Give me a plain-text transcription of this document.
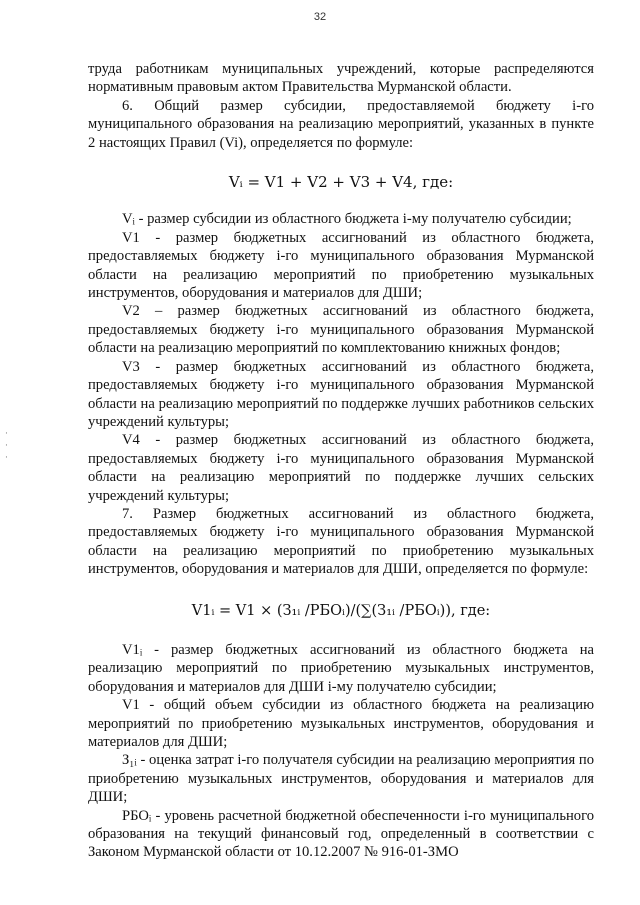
32
· · ·

труда работникам муниципальных учреждений, которые распределяются нормативным правовым актом Правительства Мурманской области.

6. Общий размер субсидии, предоставляемой бюджету i-го муниципального образования на реализацию мероприятий, указанных в пункте 2 настоящих Правил (Vi), определяется по формуле:

Vᵢ = V1 + V2 + V3 + V4, где:

Vᵢ - размер субсидии из областного бюджета i-му получателю субсидии;

V1 - размер бюджетных ассигнований из областного бюджета, предоставляемых бюджету i-го муниципального образования Мурманской области на реализацию мероприятий по приобретению музыкальных инструментов, оборудования и материалов для ДШИ;

V2 – размер бюджетных ассигнований из областного бюджета, предоставляемых бюджету i-го муниципального образования Мурманской области на реализацию мероприятий по комплектованию книжных фондов;

V3 - размер бюджетных ассигнований из областного бюджета, предоставляемых бюджету i-го муниципального образования Мурманской области на реализацию мероприятий по поддержке лучших работников сельских учреждений культуры;

V4 - размер бюджетных ассигнований из областного бюджета, предоставляемых бюджету i-го муниципального образования Мурманской области на реализацию мероприятий по поддержке лучших сельских учреждений культуры;

7. Размер бюджетных ассигнований из областного бюджета, предоставляемых бюджету i-го муниципального образования Мурманской области на реализацию мероприятий по приобретению музыкальных инструментов, оборудования и материалов для ДШИ, определяется по формуле:

V1ᵢ = V1 × (З₁ᵢ /РБОᵢ)/(∑(З₁ᵢ /РБОᵢ)), где:

V1ᵢ - размер бюджетных ассигнований из областного бюджета на реализацию мероприятий по приобретению музыкальных инструментов, оборудования и материалов для ДШИ i-му получателю субсидии;

V1 - общий объем субсидии из областного бюджета на реализацию мероприятий по приобретению музыкальных инструментов, оборудования и материалов для ДШИ;

З₁ᵢ - оценка затрат i-го получателя субсидии на реализацию мероприятия по приобретению музыкальных инструментов, оборудования и материалов для ДШИ;

РБОᵢ - уровень расчетной бюджетной обеспеченности i-го муниципального образования на текущий финансовый год, определенный в соответствии с Законом Мурманской области от 10.12.2007 № 916-01-ЗМО
